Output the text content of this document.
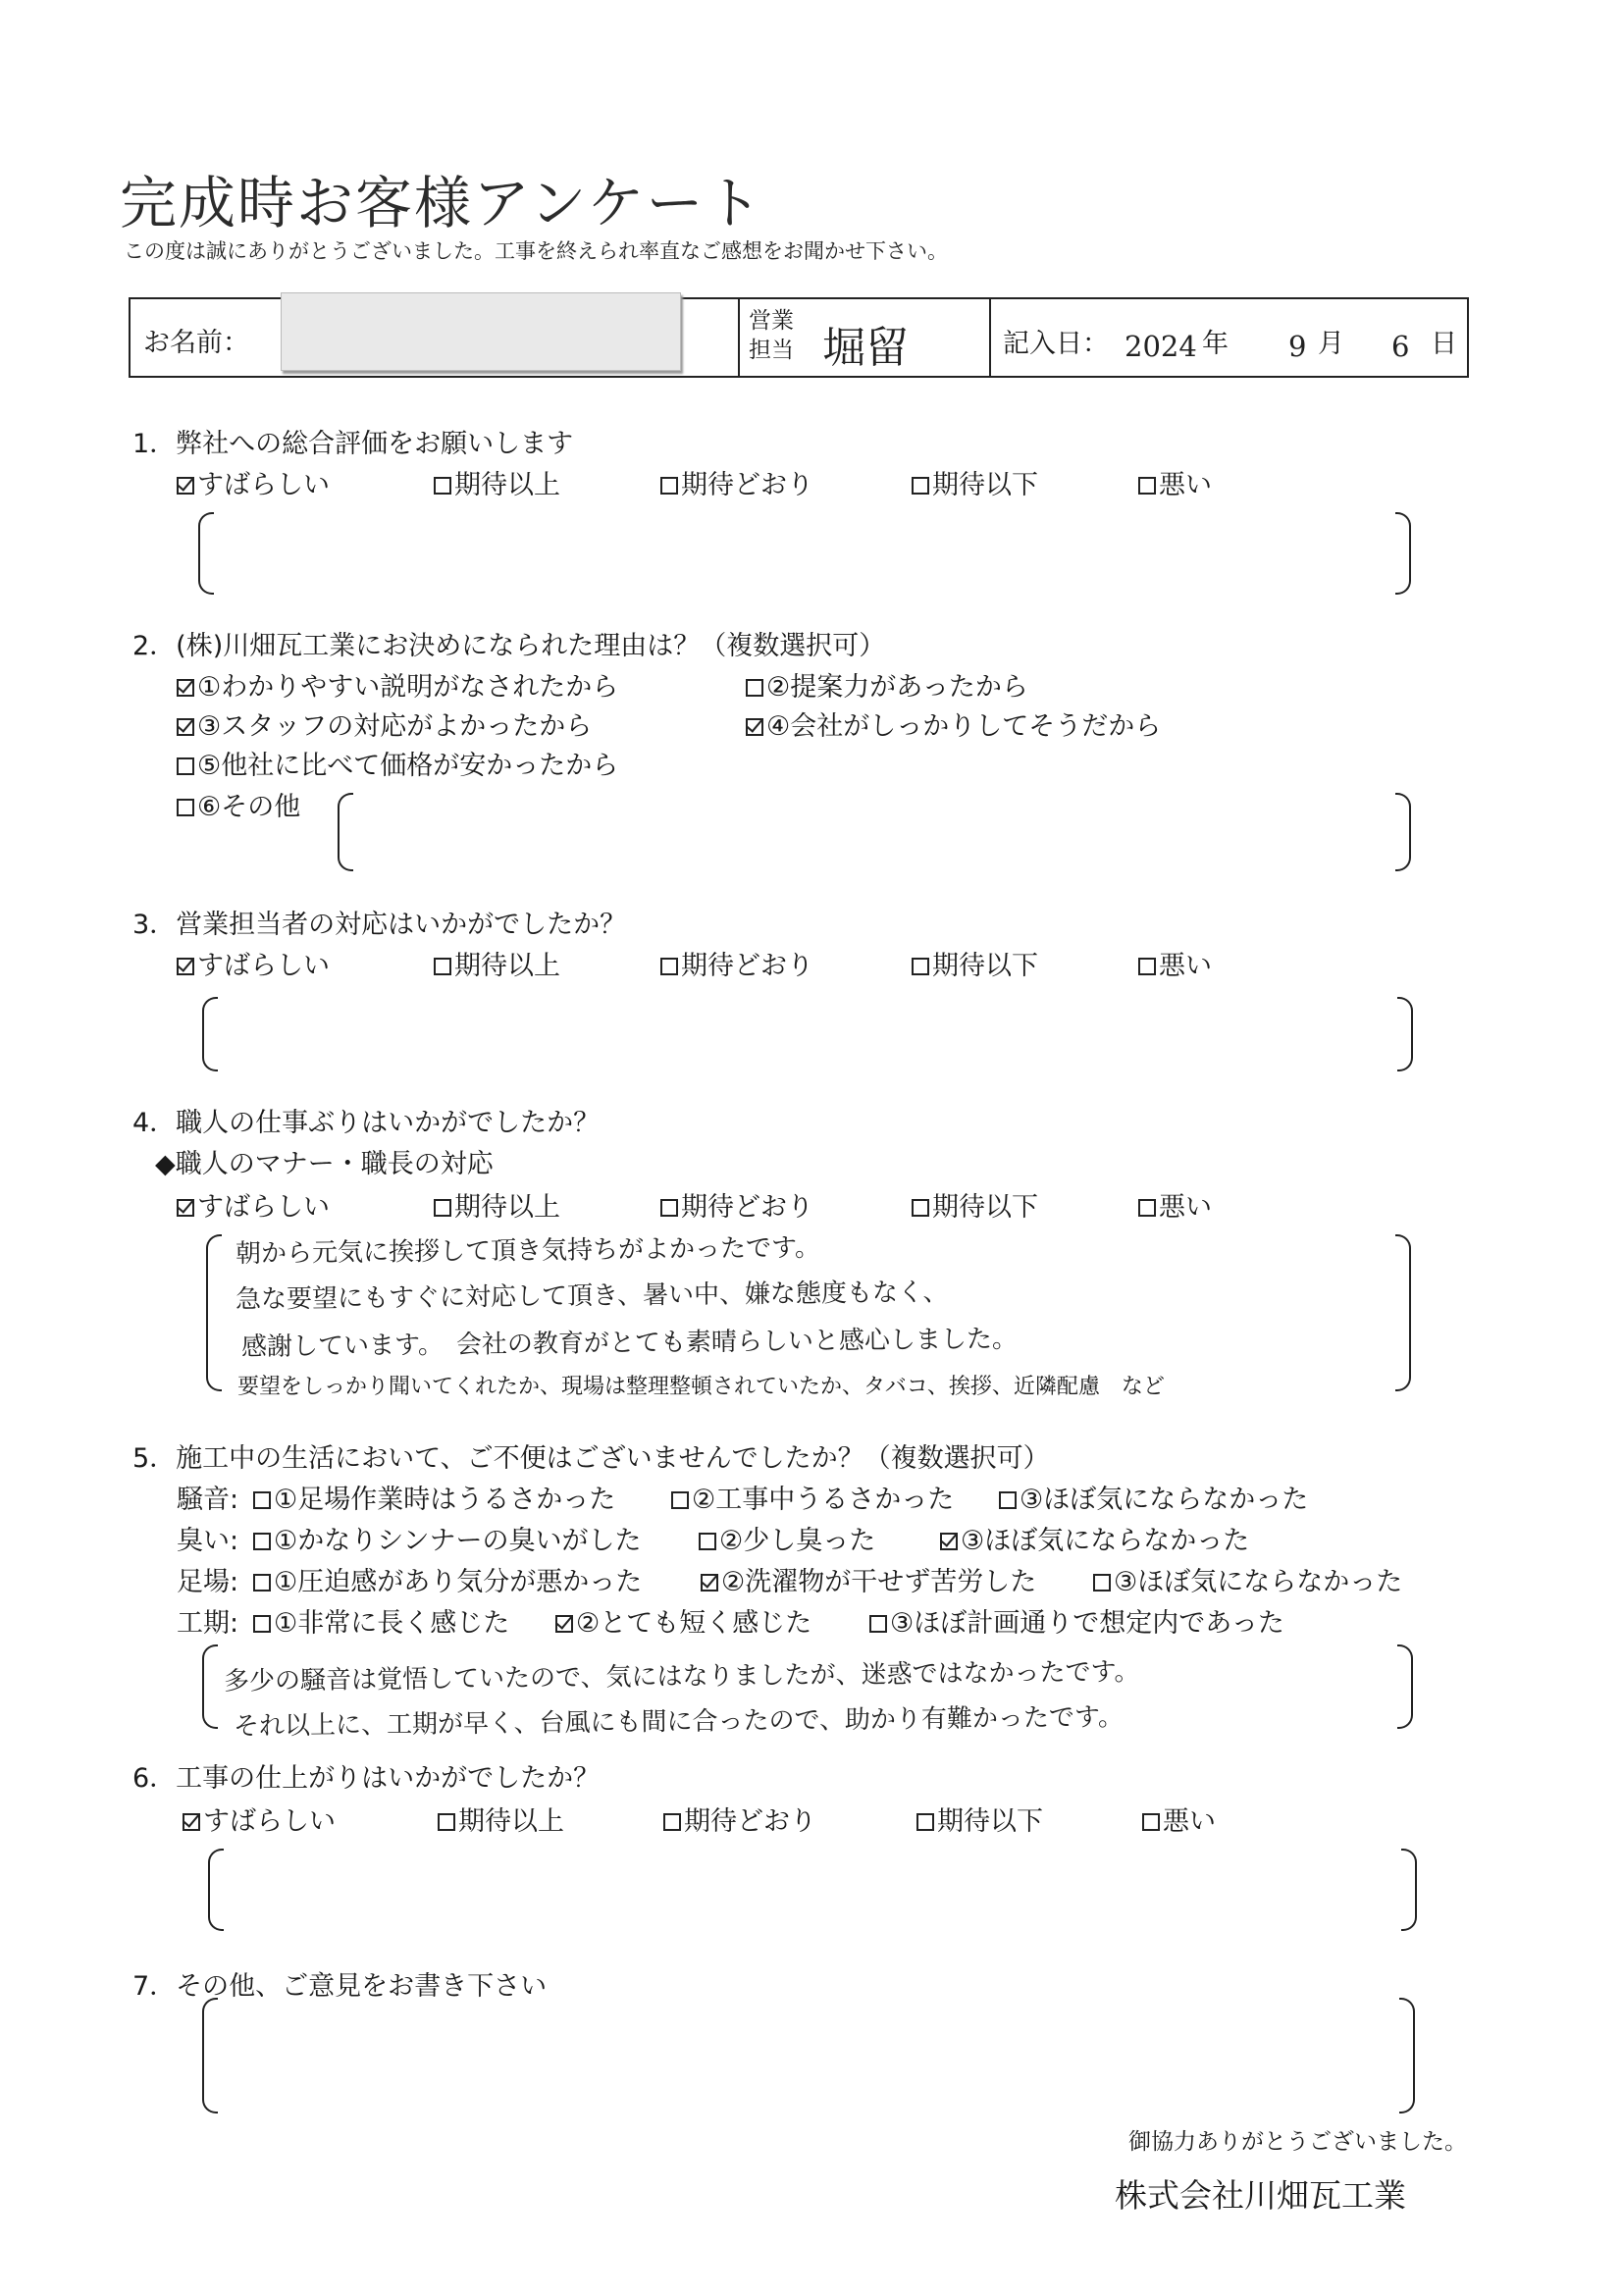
完成時お客様アンケート
この度は誠にありがとうございました。工事を終えられ率直なご感想をお聞かせ下さい。
お名前：
営業
担当 堀留	記入日： 2024 年 9 月 6 日
1．弊社への総合評価をお願いします
すばらしい	期待以上	期待どおり	期待以下	悪い
2．(株)川畑瓦工業にお決めになられた理由は？（複数選択可）
①わかりやすい説明がなされたから	②提案力があったから
③スタッフの対応がよかったから	④会社がしっかりしてそうだから
⑤他社に比べて価格が安かったから
⑥その他
3．営業担当者の対応はいかがでしたか？
すばらしい	期待以上	期待どおり	期待以下	悪い
4．職人の仕事ぶりはいかがでしたか？
◆職人のマナー・職長の対応
すばらしい	期待以上	期待どおり	期待以下	悪い
朝から元気に挨拶して頂き気持ちがよかったです。
急な要望にもすぐに対応して頂き、暑い中、嫌な態度もなく、
感謝しています。　会社の教育がとても素晴らしいと感心しました。
要望をしっかり聞いてくれたか、現場は整理整頓されていたか、タバコ、挨拶、近隣配慮　など
5．施工中の生活において、ご不便はございませんでしたか？（複数選択可）
騒音:	①足場作業時はうるさかった	②工事中うるさかった	③ほぼ気にならなかった
臭い:	①かなりシンナーの臭いがした	②少し臭った	③ほぼ気にならなかった
足場:	①圧迫感があり気分が悪かった	②洗濯物が干せず苦労した	③ほぼ気にならなかった
工期:	①非常に長く感じた	②とても短く感じた	③ほぼ計画通りで想定内であった
多少の騒音は覚悟していたので、気にはなりましたが、迷惑ではなかったです。
それ以上に、工期が早く、台風にも間に合ったので、助かり有難かったです。
6．工事の仕上がりはいかがでしたか？
すばらしい	期待以上	期待どおり	期待以下	悪い
7．その他、ご意見をお書き下さい
御協力ありがとうございました。
株式会社川畑瓦工業
